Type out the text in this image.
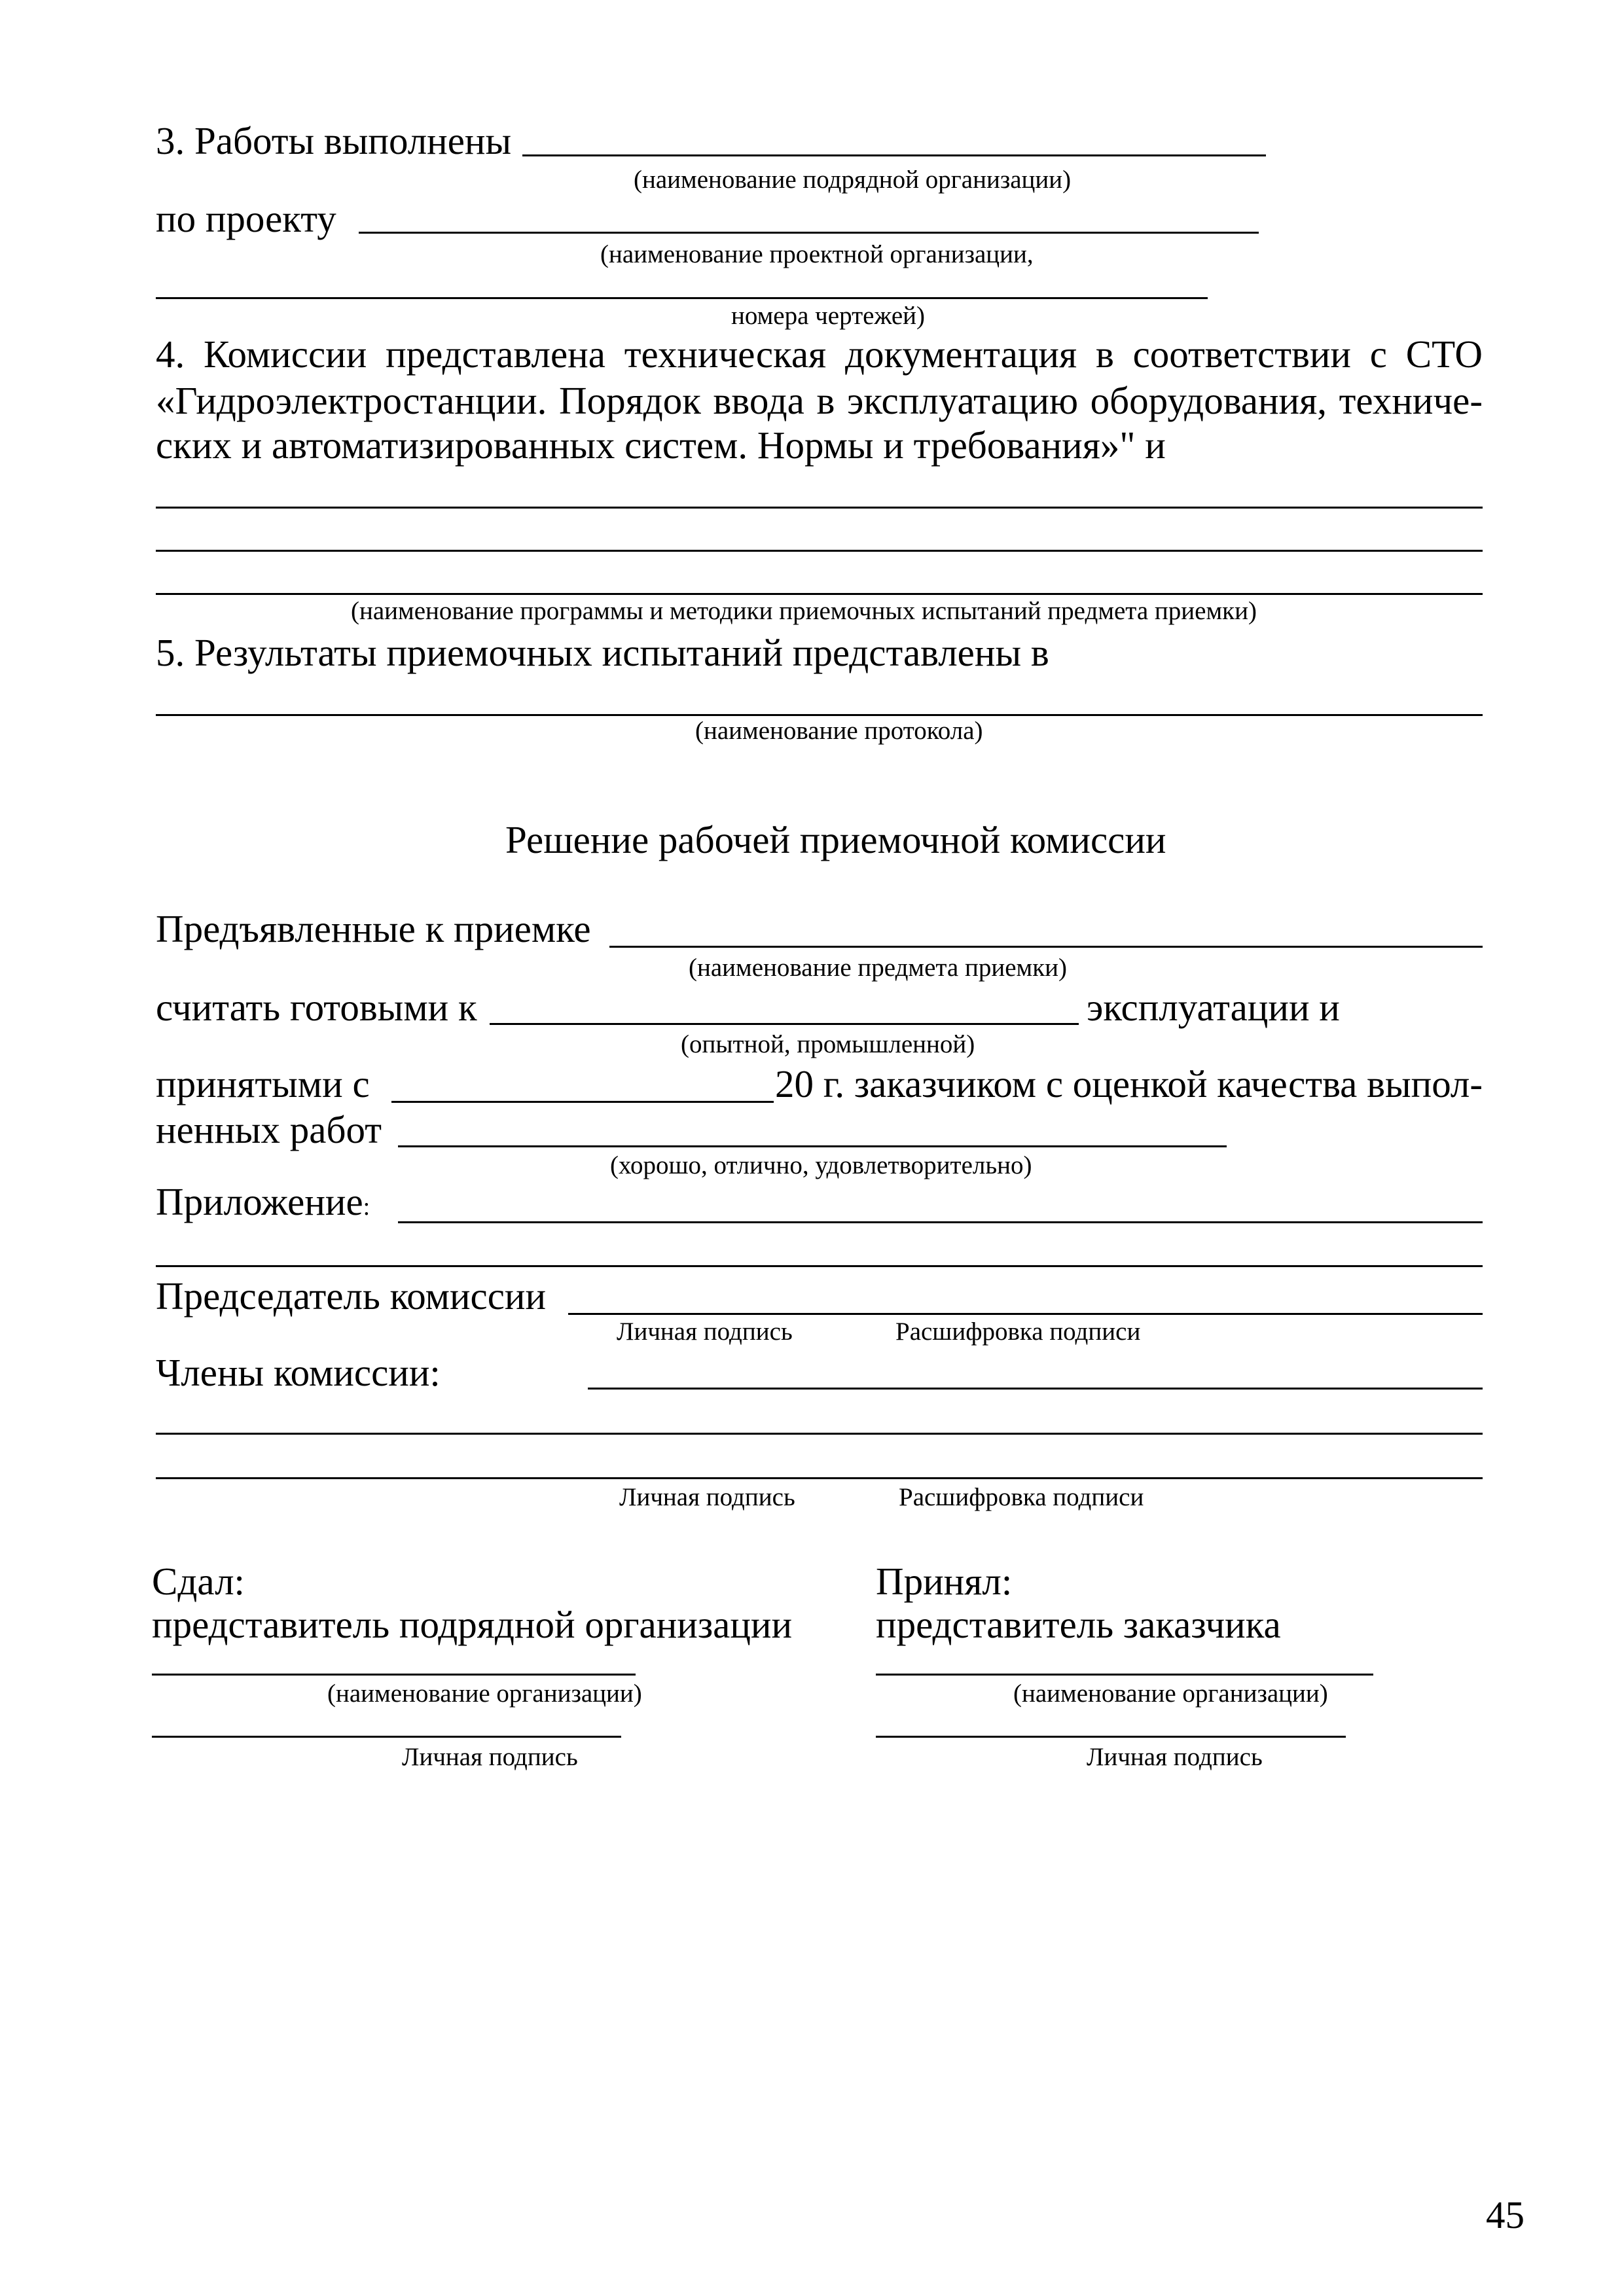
3. Работы выполнены
(наименование подрядной организации)
по проекту
(наименование проектной организации,
номера чертежей)
4. Комиссии представлена техническая документация в соответствии с СТО
«Гидроэлектростанции. Порядок ввода в эксплуатацию оборудования, техниче-
ских и автоматизированных систем. Нормы и требования»" и
(наименование программы и методики приемочных испытаний предмета приемки)
5. Результаты приемочных испытаний представлены в
(наименование протокола)
Решение рабочей приемочной комиссии
Предъявленные к приемке
(наименование предмета приемки)
считать готовыми к	эксплуатации и
(опытной, промышленной)
принятыми с	20 г. заказчиком с оценкой качества выпол-
ненных работ
(хорошо, отлично, удовлетворительно)
Приложение:
Председатель комиссии
Личная подпись	Расшифровка подписи
Члены комиссии:
Личная подпись	Расшифровка подписи
Сдал:
представитель подрядной организации
(наименование организации)
Личная подпись
Принял:
представитель заказчика
(наименование организации)
Личная подпись
45
